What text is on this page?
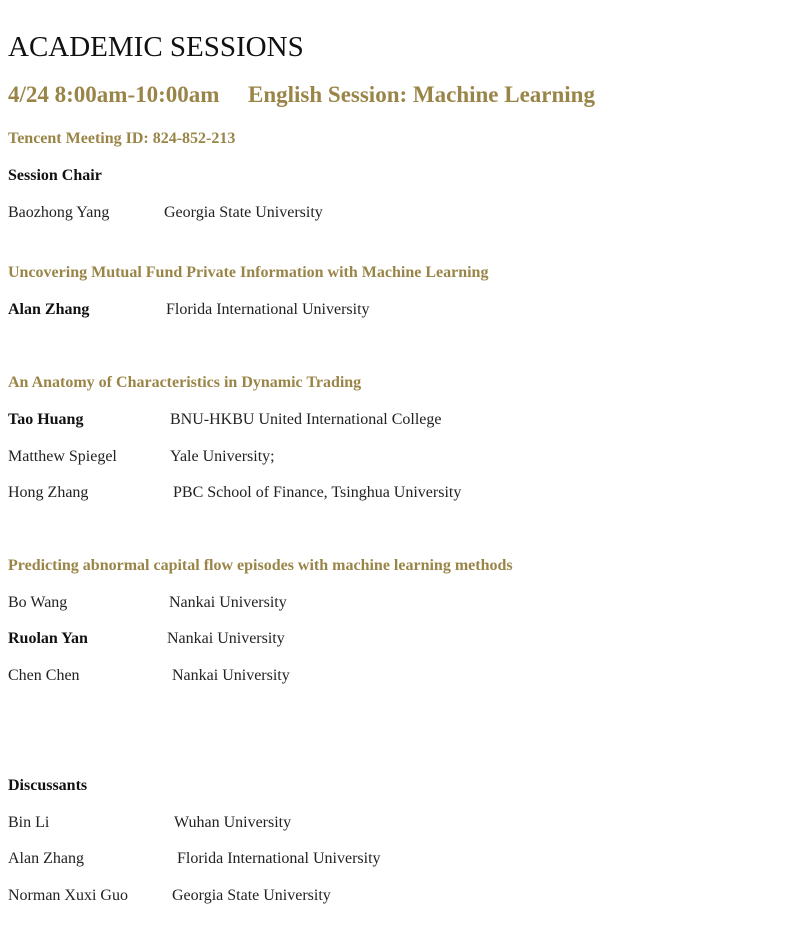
ACADEMIC SESSIONS
4/24 8:00am-10:00am English Session: Machine Learning
Tencent Meeting ID: 824-852-213
Session Chair
Baozhong Yang	Georgia State University
Uncovering Mutual Fund Private Information with Machine Learning
Alan Zhang	Florida International University
An Anatomy of Characteristics in Dynamic Trading
Tao Huang	BNU-HKBU United International College
Matthew Spiegel	Yale University;
Hong Zhang	PBC School of Finance, Tsinghua University
Predicting abnormal capital flow episodes with machine learning methods
Bo Wang	Nankai University
Ruolan Yan	Nankai University
Chen Chen	Nankai University
Discussants
Bin Li	Wuhan University
Alan Zhang	Florida International University
Norman Xuxi Guo	Georgia State University
